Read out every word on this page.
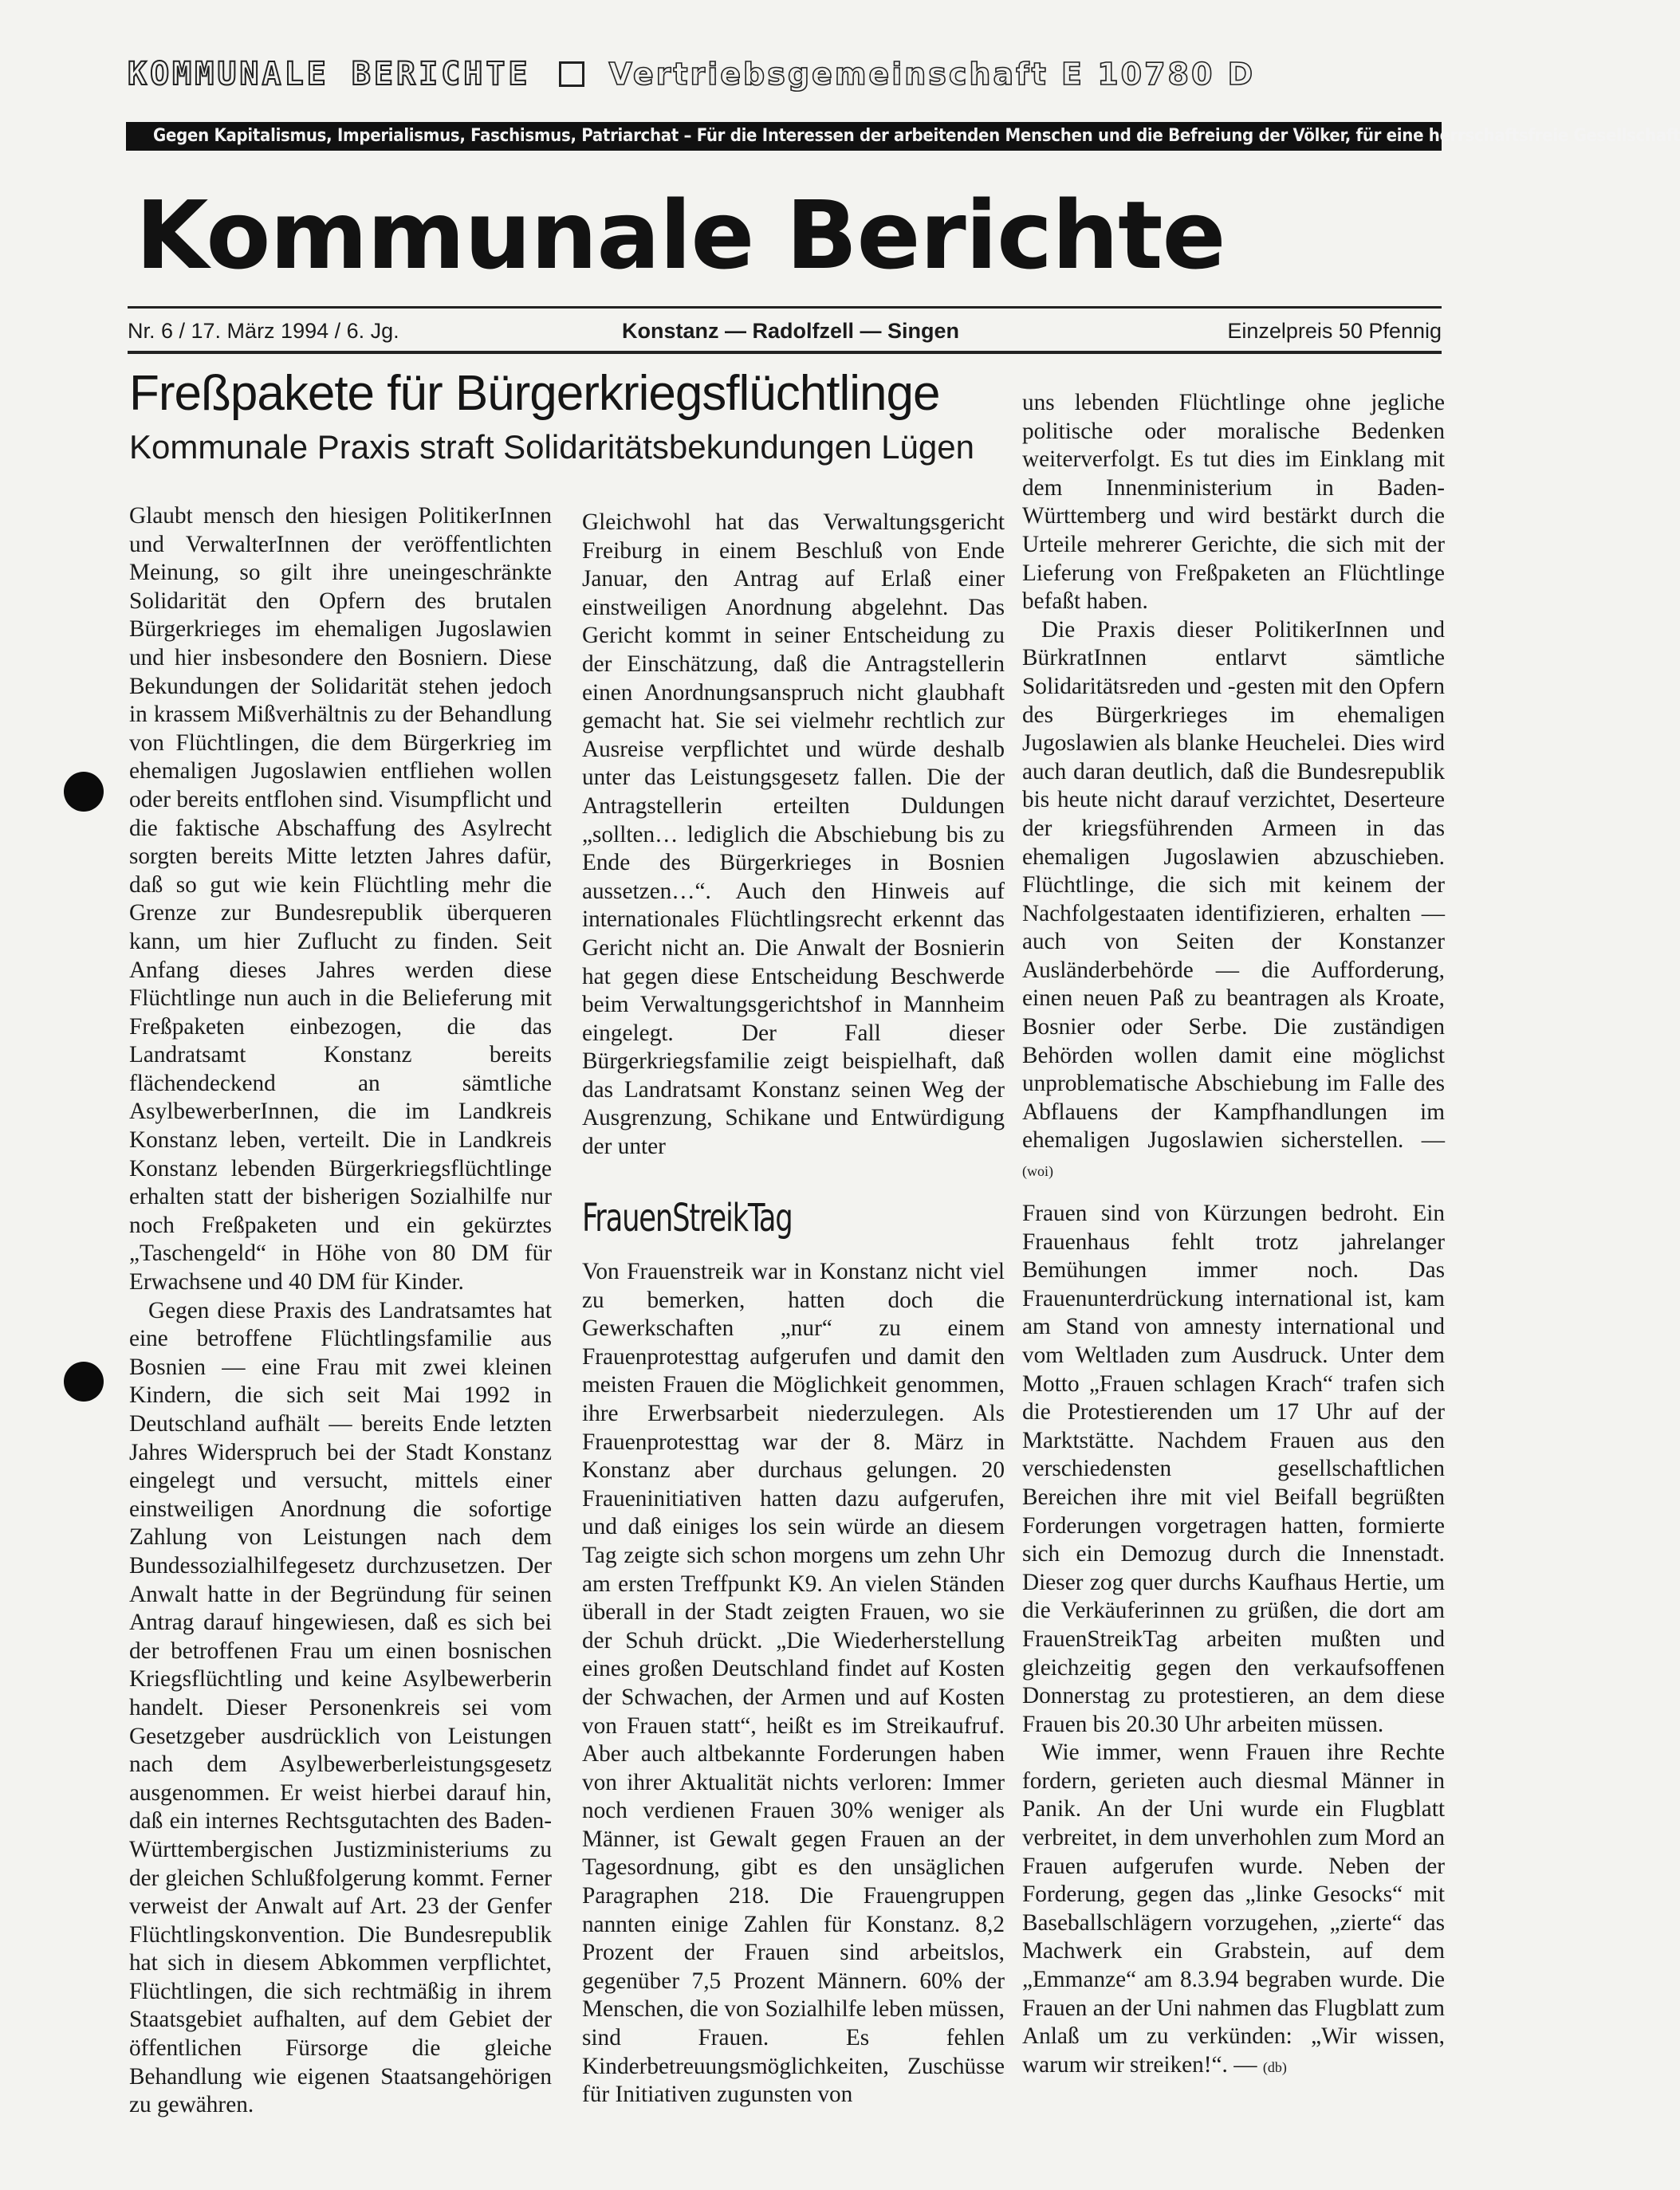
KOMMUNALE BERICHTE	Vertriebsgemeinschaft E 10780 D
Gegen Kapitalismus, Imperialismus, Faschismus, Patriarchat – Für die Interessen der arbeitenden Menschen und die Befreiung der Völker, für eine herrschaftsfreie Gesellschaft
Kommunale Berichte
Nr. 6 / 17. März 1994 / 6. Jg.	Konstanz — Radolfzell — Singen	Einzelpreis 50 Pfennig
Freßpakete für Bürgerkriegsflüchtlinge
Kommunale Praxis straft Solidaritätsbekundungen Lügen

Glaubt mensch den hiesigen PolitikerInnen und VerwalterInnen der veröffentlichten Meinung, so gilt ihre uneingeschränkte Solidarität den Opfern des brutalen Bürgerkrieges im ehemaligen Jugoslawien und hier insbesondere den Bosniern. Diese Bekundungen der Solidarität stehen jedoch in krassem Mißverhältnis zu der Behandlung von Flüchtlingen, die dem Bürgerkrieg im ehemaligen Jugoslawien entfliehen wollen oder bereits entflohen sind. Visumpflicht und die faktische Abschaffung des Asylrecht sorgten bereits Mitte letzten Jahres dafür, daß so gut wie kein Flüchtling mehr die Grenze zur Bundesrepublik überqueren kann, um hier Zuflucht zu finden. Seit Anfang dieses Jahres werden diese Flüchtlinge nun auch in die Belieferung mit Freßpaketen einbezogen, die das Landratsamt Konstanz bereits flächendeckend an sämtliche AsylbewerberInnen, die im Landkreis Konstanz leben, verteilt. Die in Landkreis Konstanz lebenden Bürgerkriegsflüchtlinge erhalten statt der bisherigen Sozialhilfe nur noch Freßpaketen und ein gekürztes „Taschengeld“ in Höhe von 80 DM für Erwachsene und 40 DM für Kinder.

Gegen diese Praxis des Landratsamtes hat eine betroffene Flüchtlingsfamilie aus Bosnien — eine Frau mit zwei kleinen Kindern, die sich seit Mai 1992 in Deutschland aufhält — bereits Ende letzten Jahres Widerspruch bei der Stadt Konstanz eingelegt und versucht, mittels einer einstweiligen Anordnung die sofortige Zahlung von Leistungen nach dem Bundessozialhilfegesetz durchzusetzen. Der Anwalt hatte in der Begründung für seinen Antrag darauf hingewiesen, daß es sich bei der betroffenen Frau um einen bosnischen Kriegsflüchtling und keine Asylbewerberin handelt. Dieser Personenkreis sei vom Gesetzgeber ausdrücklich von Leistungen nach dem Asylbewerberleistungsgesetz ausgenommen. Er weist hierbei darauf hin, daß ein internes Rechtsgutachten des Baden-Württembergischen Justizministeriums zu der gleichen Schlußfolgerung kommt. Ferner verweist der Anwalt auf Art. 23 der Genfer Flüchtlingskonvention. Die Bundesrepublik hat sich in diesem Abkommen verpflichtet, Flüchtlingen, die sich rechtmäßig in ihrem Staatsgebiet aufhalten, auf dem Gebiet der öffentlichen Fürsorge die gleiche Behandlung wie eigenen Staatsangehörigen zu gewähren.

Gleichwohl hat das Verwaltungsgericht Freiburg in einem Beschluß von Ende Januar, den Antrag auf Erlaß einer einstweiligen Anordnung abgelehnt. Das Gericht kommt in seiner Entscheidung zu der Einschätzung, daß die Antragstellerin einen Anordnungsanspruch nicht glaubhaft gemacht hat. Sie sei vielmehr rechtlich zur Ausreise verpflichtet und würde deshalb unter das Leistungsgesetz fallen. Die der Antragstellerin erteilten Duldungen „sollten… lediglich die Abschiebung bis zu Ende des Bürgerkrieges in Bosnien aussetzen…“. Auch den Hinweis auf internationales Flüchtlingsrecht erkennt das Gericht nicht an. Die Anwalt der Bosnierin hat gegen diese Entscheidung Beschwerde beim Verwaltungsgerichtshof in Mannheim eingelegt. Der Fall dieser Bürgerkriegsfamilie zeigt beispielhaft, daß das Landratsamt Konstanz seinen Weg der Ausgrenzung, Schikane und Entwürdigung der unter

uns lebenden Flüchtlinge ohne jegliche politische oder moralische Bedenken weiterverfolgt. Es tut dies im Einklang mit dem Innenministerium in Baden-Württemberg und wird bestärkt durch die Urteile mehrerer Gerichte, die sich mit der Lieferung von Freßpaketen an Flüchtlinge befaßt haben.

Die Praxis dieser PolitikerInnen und BürkratInnen entlarvt sämtliche Solidaritätsreden und -gesten mit den Opfern des Bürgerkrieges im ehemaligen Jugoslawien als blanke Heuchelei. Dies wird auch daran deutlich, daß die Bundesrepublik bis heute nicht darauf verzichtet, Deserteure der kriegsführenden Armeen in das ehemaligen Jugoslawien abzuschieben. Flüchtlinge, die sich mit keinem der Nachfolgestaaten identifizieren, erhalten — auch von Seiten der Konstanzer Ausländerbehörde — die Aufforderung, einen neuen Paß zu beantragen als Kroate, Bosnier oder Serbe. Die zuständigen Behörden wollen damit eine möglichst unproblematische Abschiebung im Falle des Abflauens der Kampfhandlungen im ehemaligen Jugoslawien sicherstellen. — (woi)

FrauenStreikTag

Von Frauenstreik war in Konstanz nicht viel zu bemerken, hatten doch die Gewerkschaften „nur“ zu einem Frauenprotesttag aufgerufen und damit den meisten Frauen die Möglichkeit genommen, ihre Erwerbsarbeit niederzulegen. Als Frauenprotesttag war der 8. März in Konstanz aber durchaus gelungen. 20 Fraueninitiativen hatten dazu aufgerufen, und daß einiges los sein würde an diesem Tag zeigte sich schon morgens um zehn Uhr am ersten Treffpunkt K9. An vielen Ständen überall in der Stadt zeigten Frauen, wo sie der Schuh drückt. „Die Wiederherstellung eines großen Deutschland findet auf Kosten der Schwachen, der Armen und auf Kosten von Frauen statt“, heißt es im Streikaufruf. Aber auch altbekannte Forderungen haben von ihrer Aktualität nichts verloren: Immer noch verdienen Frauen 30% weniger als Männer, ist Gewalt gegen Frauen an der Tagesordnung, gibt es den unsäglichen Paragraphen 218. Die Frauengruppen nannten einige Zahlen für Konstanz. 8,2 Prozent der Frauen sind arbeitslos, gegenüber 7,5 Prozent Männern. 60% der Menschen, die von Sozialhilfe leben müssen, sind Frauen. Es fehlen Kinderbetreuungsmöglichkeiten, Zuschüsse für Initiativen zugunsten von

Frauen sind von Kürzungen bedroht. Ein Frauenhaus fehlt trotz jahrelanger Bemühungen immer noch. Das Frauenunterdrückung international ist, kam am Stand von amnesty international und vom Weltladen zum Ausdruck. Unter dem Motto „Frauen schlagen Krach“ trafen sich die Protestierenden um 17 Uhr auf der Marktstätte. Nachdem Frauen aus den verschiedensten gesellschaftlichen Bereichen ihre mit viel Beifall begrüßten Forderungen vorgetragen hatten, formierte sich ein Demozug durch die Innenstadt. Dieser zog quer durchs Kaufhaus Hertie, um die Verkäuferinnen zu grüßen, die dort am FrauenStreikTag arbeiten mußten und gleichzeitig gegen den verkaufsoffenen Donnerstag zu protestieren, an dem diese Frauen bis 20.30 Uhr arbeiten müssen.

Wie immer, wenn Frauen ihre Rechte fordern, gerieten auch diesmal Männer in Panik. An der Uni wurde ein Flugblatt verbreitet, in dem unverhohlen zum Mord an Frauen aufgerufen wurde. Neben der Forderung, gegen das „linke Gesocks“ mit Baseballschlägern vorzugehen, „zierte“ das Machwerk ein Grabstein, auf dem „Emmanze“ am 8.3.94 begraben wurde. Die Frauen an der Uni nahmen das Flugblatt zum Anlaß um zu verkünden: „Wir wissen, warum wir streiken!“. — (db)
